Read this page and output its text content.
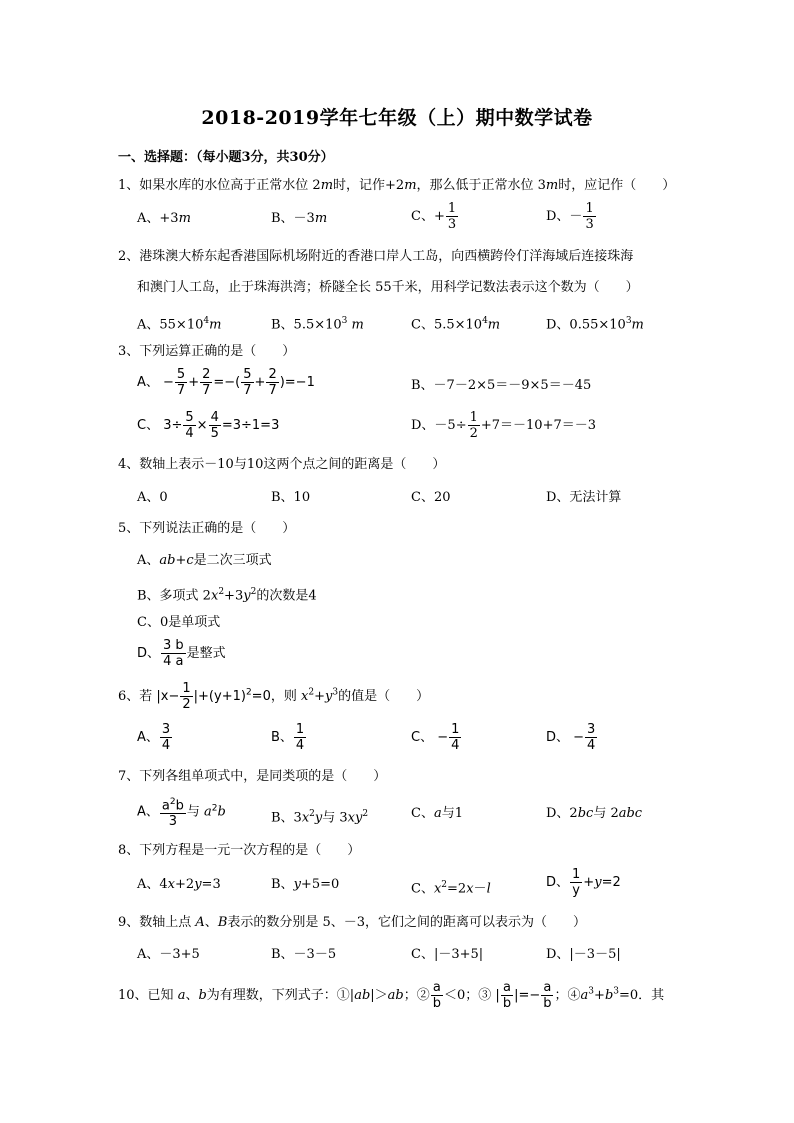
2018-2019学年七年级（上）期中数学试卷
一、选择题：（每小题3分，共30分）
1、如果水库的水位高于正常水位 2m时，记作+2m，那么低于正常水位 3m时，应记作（　　）
A、+3m	B、－3m	C、+ $\frac{1}{3}$	D、－ $\frac{1}{3}$
2、港珠澳大桥东起香港国际机场附近的香港口岸人工岛，向西横跨伶仃洋海域后连接珠海
和澳门人工岛，止于珠海洪湾；桥隧全长 55千米，用科学记数法表示这个数为（　　）
A、$55\times 10^4m$	B、$5.5\times 10^3$ m	C、$5.5\times 10^4m$	D、$0.55\times 10^3m$
3、下列运算正确的是（　　）
A、 − $\frac{5}{7} + \frac{2}{7}$ =−( $\frac{5}{7} + \frac{2}{7} )=-1$	B、－7－2×5＝－9×5＝－45
C、 $3\div \frac{5}{4} \times \frac{4}{5} =3\div 1=3$	D、$-5\div \frac{1}{2} +7=-10+7=-3$
4、数轴上表示－10与10这两个点之间的距离是（　　）
A、0	B、10	C、20	D、无法计算
5、下列说法正确的是（　　）
A、ab+c是二次三项式
B、多项式 $2x^2+3y^2$的次数是4
C、0是单项式
D、 $\frac{3 b}{4 a}$ 是整式
6、若 $|x- \frac{1}{2} |+(y+1)^2=0$，则 $x^2+y^3$的值是（　　）
A、 $\frac{3}{4}$	B、 $\frac{1}{4}$	C、 − $\frac{1}{4}$	D、 − $\frac{3}{4}$
7、下列各组单项式中，是同类项的是（　　）
A、 $\frac{a^2b}{3}$ 与 $a^2b$	B、$3x^2y$与 $3xy^2$	C、a与1	D、2bc与 2abc
8、下列方程是一元一次方程的是（　　）
A、4x+2y=3	B、y+5=0	C、$x^2=2x-l$	D、 $\frac{1}{y} +y=2$
9、数轴上点 A、B表示的数分别是 5、－3，它们之间的距离可以表示为（　　）
A、－3+5	B、－3－5	C、|－3+5|	D、|－3－5|
10、已知 a、b为有理数，下列式子：①|ab|＞ab；② $\frac{a}{b} <0$；③ | $\frac{a}{b}$ |=− $\frac{a}{b}$ ；$④a^3+b^3=0$．其
